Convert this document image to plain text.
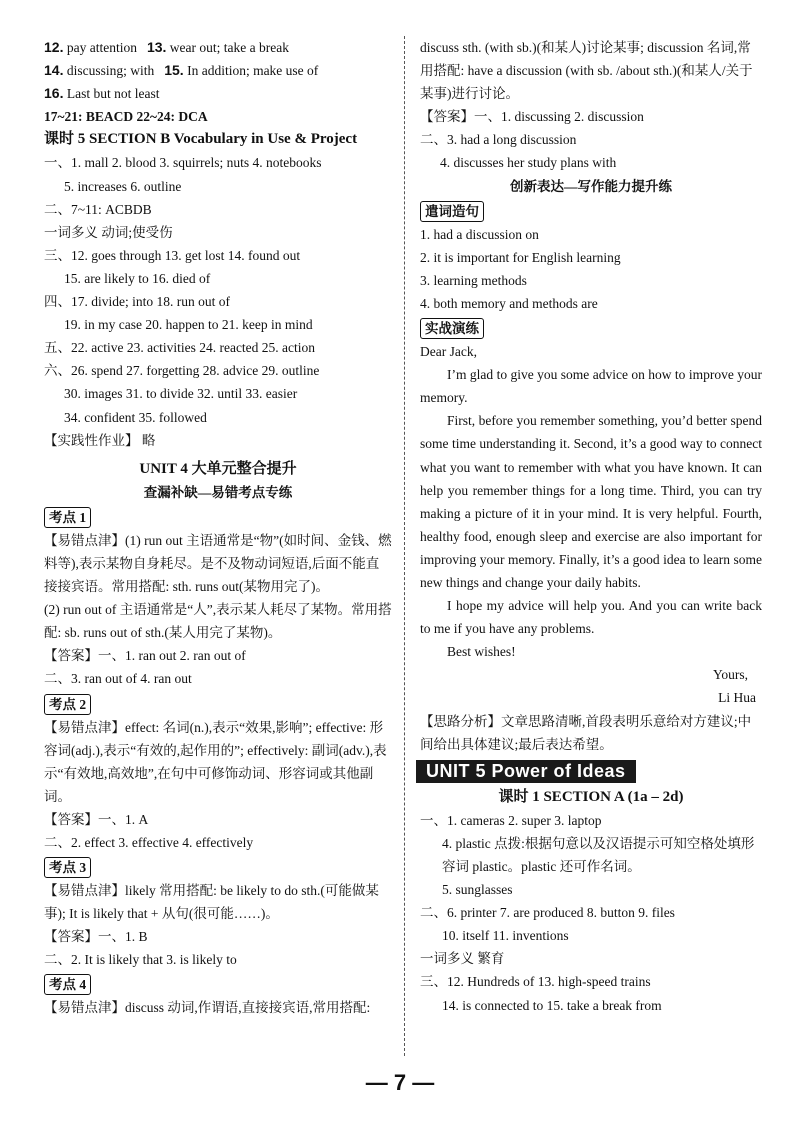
12. pay attention 13. wear out; take a break
14. discussing; with 15. In addition; make use of
16. Last but not least
17~21: BEACD 22~24: DCA
课时 5 SECTION B Vocabulary in Use & Project
一、1. mall 2. blood 3. squirrels; nuts 4. notebooks
5. increases 6. outline
二、7~11: ACBDB
一词多义 动词;使受伤
三、12. goes through 13. get lost 14. found out
15. are likely to 16. died of
四、17. divide; into 18. run out of
19. in my case 20. happen to 21. keep in mind
五、22. active 23. activities 24. reacted 25. action
六、26. spend 27. forgetting 28. advice 29. outline
30. images 31. to divide 32. until 33. easier
34. confident 35. followed
【实践性作业】 略
UNIT 4 大单元整合提升
查漏补缺—易错考点专练
考点 1
【易错点津】(1) run out 主语通常是“物”(如时间、金钱、燃料等),表示某物自身耗尽。是不及物动词短语,后面不能直接接宾语。常用搭配: sth. runs out(某物用完了)。
(2) run out of 主语通常是“人”,表示某人耗尽了某物。常用搭配: sb. runs out of sth.(某人用完了某物)。
【答案】一、1. ran out 2. ran out of
二、3. ran out of 4. ran out
考点 2
【易错点津】effect: 名词(n.),表示“效果,影响”; effective: 形容词(adj.),表示“有效的,起作用的”; effectively: 副词(adv.),表示“有效地,高效地”,在句中可修饰动词、形容词或其他副词。
【答案】一、1. A
二、2. effect 3. effective 4. effectively
考点 3
【易错点津】likely 常用搭配: be likely to do sth.(可能做某事); It is likely that + 从句(很可能……)。
【答案】一、1. B
二、2. It is likely that 3. is likely to
考点 4
【易错点津】discuss 动词,作谓语,直接接宾语,常用搭配:
discuss sth. (with sb.)(和某人)讨论某事; discussion 名词,常用搭配: have a discussion (with sb. /about sth.)(和某人/关于某事)进行讨论。
【答案】一、1. discussing 2. discussion
二、3. had a long discussion
4. discusses her study plans with
创新表达—写作能力提升练
遣词造句
1. had a discussion on
2. it is important for English learning
3. learning methods
4. both memory and methods are
实战演练
Dear Jack,
I’m glad to give you some advice on how to improve your memory.
First, before you remember something, you’d better spend some time understanding it. Second, it’s a good way to connect what you want to remember with what you have known. It can help you remember things for a long time. Third, you can try making a picture of it in your mind. It is very helpful. Fourth, healthy food, enough sleep and exercise are also important for improving your memory. Finally, it’s a good idea to learn some new things and change your daily habits.
I hope my advice will help you. And you can write back to me if you have any problems.
Best wishes!
Yours,
Li Hua
【思路分析】文章思路清晰,首段表明乐意给对方建议;中间给出具体建议;最后表达希望。
UNIT 5 Power of Ideas
课时 1 SECTION A (1a – 2d)
一、1. cameras 2. super 3. laptop
4. plastic 点拨:根据句意以及汉语提示可知空格处填形容词 plastic。plastic 还可作名词。
5. sunglasses
二、6. printer 7. are produced 8. button 9. files
10. itself 11. inventions
一词多义 繁育
三、12. Hundreds of 13. high-speed trains
14. is connected to 15. take a break from
— 7 —
